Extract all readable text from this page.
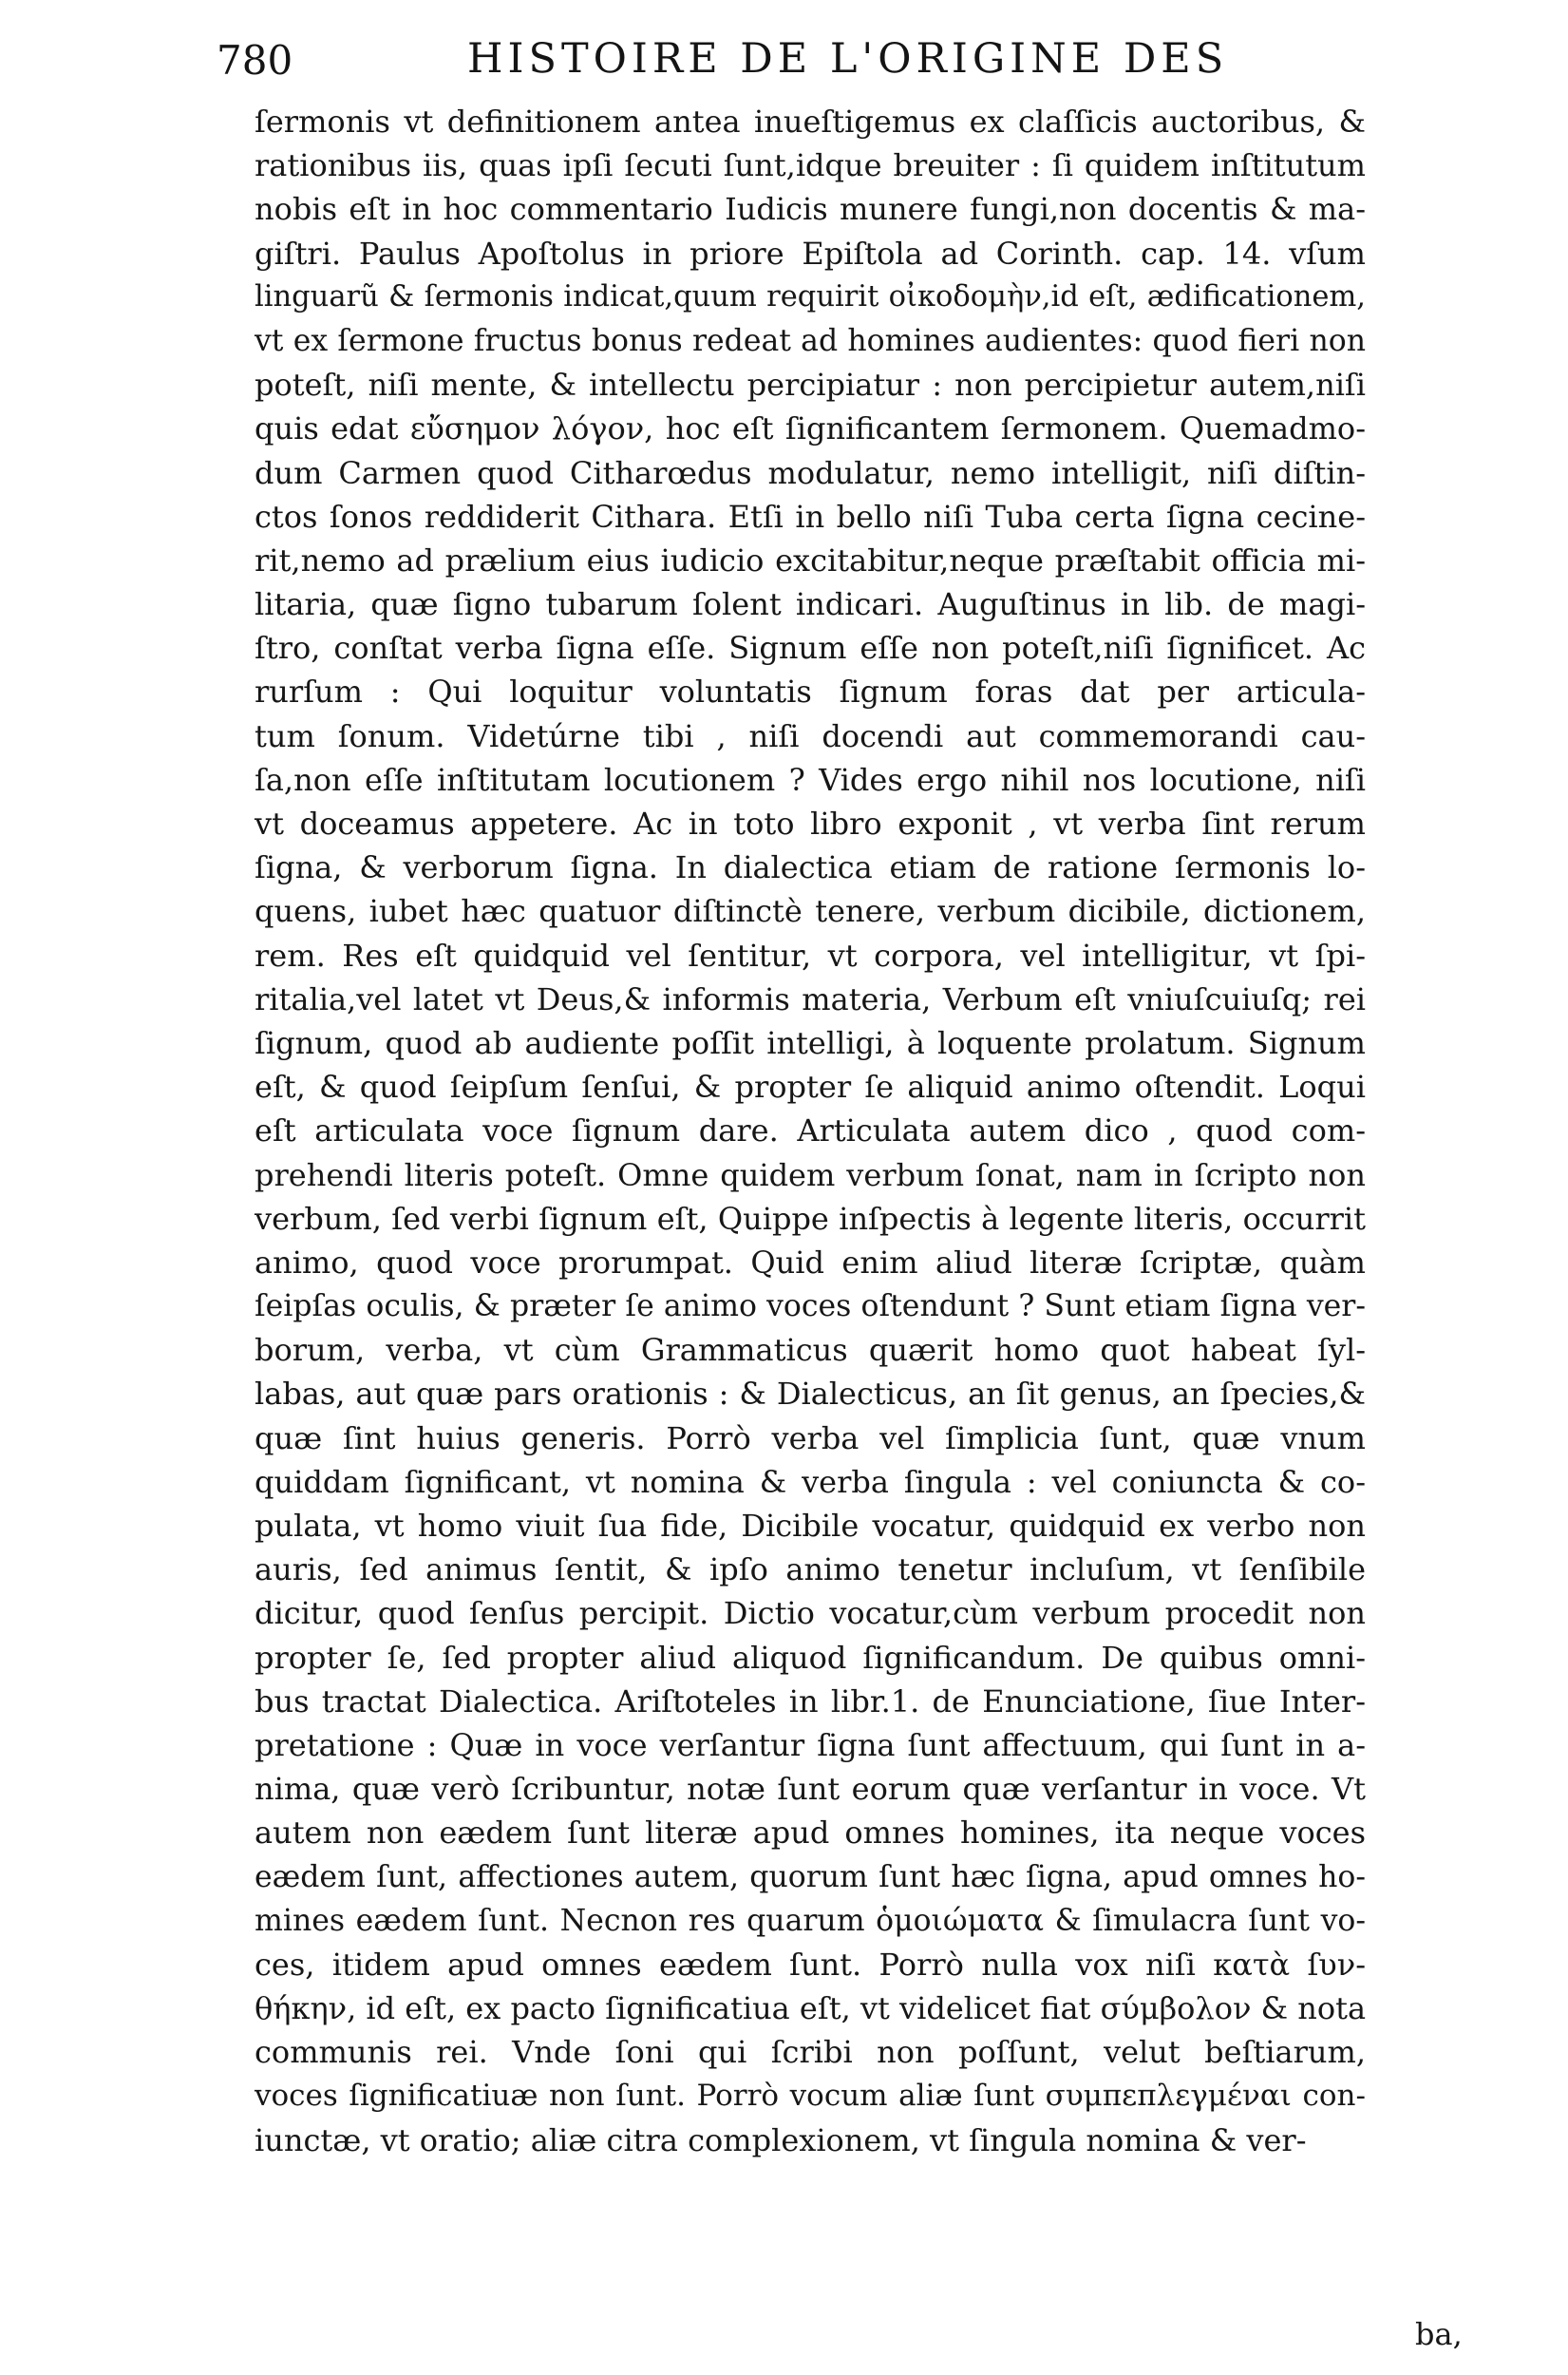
780	HISTOIRE DE L'ORIGINE DES
ſermonis vt definitionem antea inueſtigemus ex claſſicis auctoribus, &
rationibus iis, quas ipſi ſecuti ſunt,idque breuiter : ſi quidem inſtitutum
nobis eſt in hoc commentario Iudicis munere fungi,non docentis & ma-
giſtri. Paulus Apoſtolus in priore Epiſtola ad Corinth. cap. 14. vſum
linguarũ & ſermonis indicat,quum requirit οἰκοδομὴν,id eſt, ædificationem,
vt ex ſermone fructus bonus redeat ad homines audientes: quod fieri non
poteſt, niſi mente, & intellectu percipiatur : non percipietur autem,niſi
quis edat εὔσημον λόγον, hoc eſt ſignificantem ſermonem. Quemadmo-
dum Carmen quod Citharœdus modulatur, nemo intelligit, niſi diſtin-
ctos ſonos reddiderit Cithara. Etſi in bello niſi Tuba certa ſigna cecine-
rit,nemo ad prælium eius iudicio excitabitur,neque præſtabit officia mi-
litaria, quæ ſigno tubarum ſolent indicari. Auguſtinus in lib. de magi-
ſtro, conſtat verba ſigna eſſe. Signum eſſe non poteſt,niſi ſignificet. Ac
rurſum : Qui loquitur voluntatis ſignum foras dat per articula-
tum ſonum. Videtúrne tibi , niſi docendi aut commemorandi cau-
ſa,non eſſe inſtitutam locutionem ? Vides ergo nihil nos locutione, niſi
vt doceamus appetere. Ac in toto libro exponit , vt verba ſint rerum
ſigna, & verborum ſigna. In dialectica etiam de ratione ſermonis lo-
quens, iubet hæc quatuor diſtinctè tenere, verbum dicibile, dictionem,
rem. Res eſt quidquid vel ſentitur, vt corpora, vel intelligitur, vt ſpi-
ritalia,vel latet vt Deus,& informis materia, Verbum eſt vniuſcuiuſq; rei
ſignum, quod ab audiente poſſit intelligi, à loquente prolatum. Signum
eſt, & quod ſeipſum ſenſui, & propter ſe aliquid animo oſtendit. Loqui
eſt articulata voce ſignum dare. Articulata autem dico , quod com-
prehendi literis poteſt. Omne quidem verbum ſonat, nam in ſcripto non
verbum, ſed verbi ſignum eſt, Quippe inſpectis à legente literis, occurrit
animo, quod voce prorumpat. Quid enim aliud literæ ſcriptæ, quàm
ſeipſas oculis, & præter ſe animo voces oſtendunt ? Sunt etiam ſigna ver-
borum, verba, vt cùm Grammaticus quærit homo quot habeat ſyl-
labas, aut quæ pars orationis : & Dialecticus, an ſit genus, an ſpecies,&
quæ ſint huius generis. Porrò verba vel ſimplicia ſunt, quæ vnum
quiddam ſignificant, vt nomina & verba ſingula : vel coniuncta & co-
pulata, vt homo viuit ſua fide, Dicibile vocatur, quidquid ex verbo non
auris, ſed animus ſentit, & ipſo animo tenetur incluſum, vt ſenſibile
dicitur, quod ſenſus percipit. Dictio vocatur,cùm verbum procedit non
propter ſe, ſed propter aliud aliquod ſignificandum. De quibus omni-
bus tractat Dialectica. Ariſtoteles in libr.1. de Enunciatione, ſiue Inter-
pretatione : Quæ in voce verſantur ſigna ſunt affectuum, qui ſunt in a-
nima, quæ verò ſcribuntur, notæ ſunt eorum quæ verſantur in voce. Vt
autem non eædem ſunt literæ apud omnes homines, ita neque voces
eædem ſunt, affectiones autem, quorum ſunt hæc ſigna, apud omnes ho-
mines eædem ſunt. Necnon res quarum ὁμοιώματα & ſimulacra ſunt vo-
ces, itidem apud omnes eædem ſunt. Porrò nulla vox niſi κατὰ ſυν-
θήκην, id eſt, ex pacto ſignificatiua eſt, vt videlicet fiat σύμβολον & nota
communis rei. Vnde ſoni qui ſcribi non poſſunt, velut beſtiarum,
voces ſignificatiuæ non ſunt. Porrò vocum aliæ ſunt συμπεπλεγμέναι con-
iunctæ, vt oratio; aliæ citra complexionem, vt ſingula nomina & ver-
ba,
